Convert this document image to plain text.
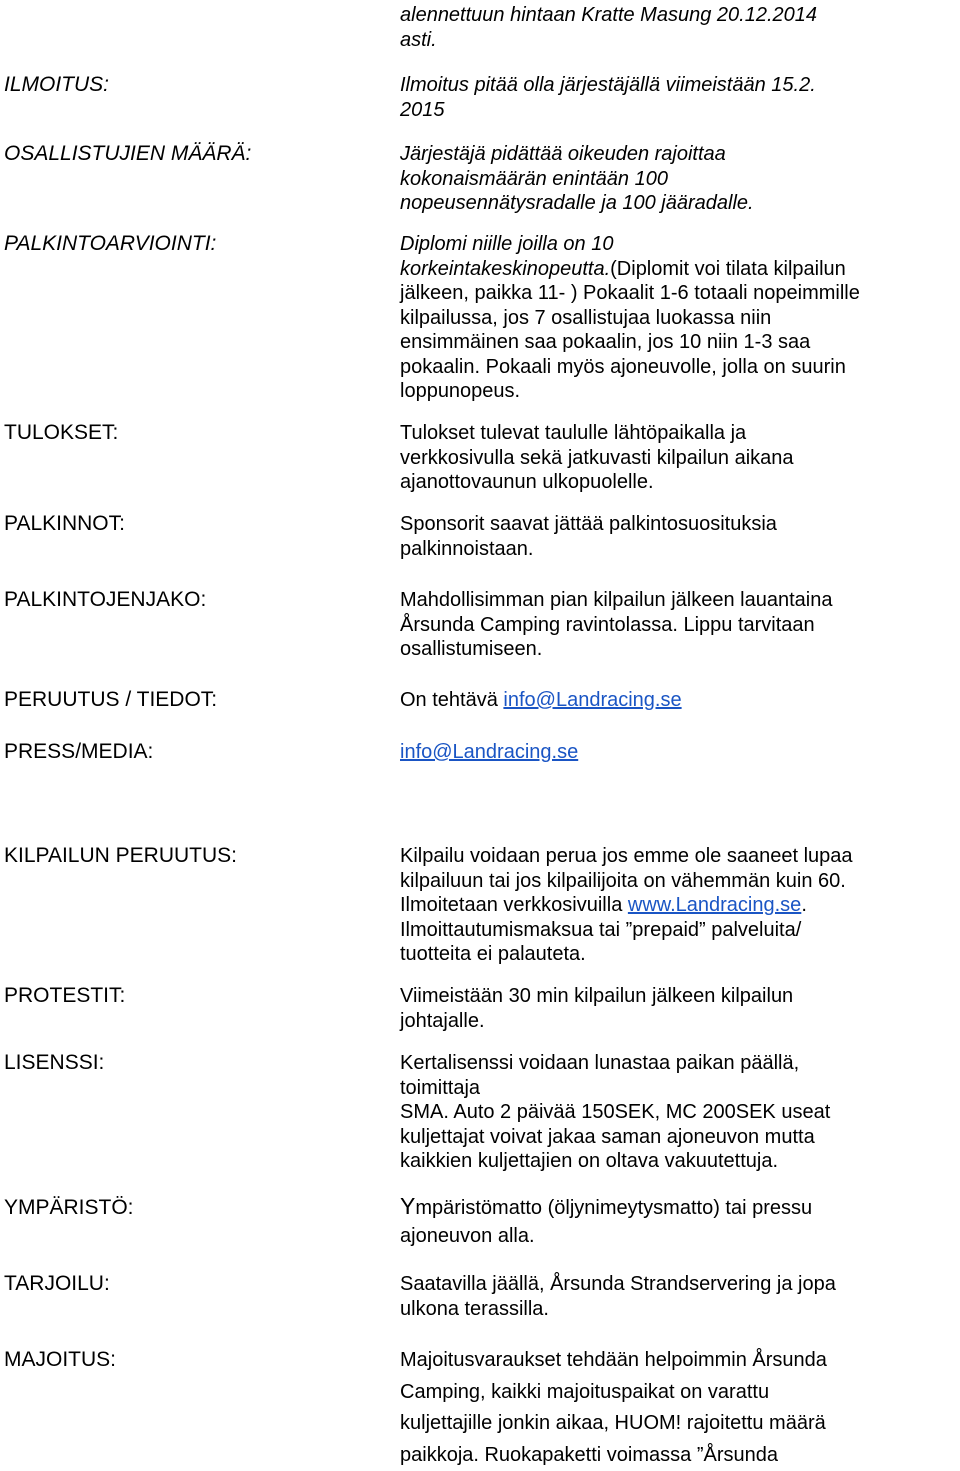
alennettuun hintaan Kratte Masung 20.12.2014
asti.
ILMOITUS:	Ilmoitus pitää olla järjestäjällä viimeistään 15.2.
2015
OSALLISTUJIEN MÄÄRÄ:	Järjestäjä pidättää oikeuden rajoittaa
kokonaismäärän enintään 100
nopeusennätysradalle ja 100 jääradalle.
PALKINTOARVIOINTI:	Diplomi niille joilla on 10
korkeintakeskinopeutta.(Diplomit voi tilata kilpailun
jälkeen, paikka 11- ) Pokaalit 1-6 totaali nopeimmille
kilpailussa, jos 7 osallistujaa luokassa niin
ensimmäinen saa pokaalin, jos 10 niin 1-3 saa
pokaalin. Pokaali myös ajoneuvolle, jolla on suurin
loppunopeus.
TULOKSET:	Tulokset tulevat taululle lähtöpaikalla ja
verkkosivulla sekä jatkuvasti kilpailun aikana
ajanottovaunun ulkopuolelle.
PALKINNOT:	Sponsorit saavat jättää palkintosuosituksia
palkinnoistaan.
PALKINTOJENJAKO:	Mahdollisimman pian kilpailun jälkeen lauantaina
Årsunda Camping ravintolassa. Lippu tarvitaan
osallistumiseen.
PERUUTUS / TIEDOT:	On tehtävä info@Landracing.se
PRESS/MEDIA:	info@Landracing.se
KILPAILUN PERUUTUS:	Kilpailu voidaan perua jos emme ole saaneet lupaa
kilpailuun tai jos kilpailijoita on vähemmän kuin 60.
Ilmoitetaan verkkosivuilla www.Landracing.se.
Ilmoittautumismaksua tai ”prepaid” palveluita/
tuotteita ei palauteta.
PROTESTIT:	Viimeistään 30 min kilpailun jälkeen kilpailun
johtajalle.
LISENSSI:	Kertalisenssi voidaan lunastaa paikan päällä,
toimittaja
SMA. Auto 2 päivää 150SEK, MC 200SEK useat
kuljettajat voivat jakaa saman ajoneuvon mutta
kaikkien kuljettajien on oltava vakuutettuja.
YMPÄRISTÖ:	Ympäristömatto (öljynimeytysmatto) tai pressu
ajoneuvon alla.
TARJOILU:	Saatavilla jäällä, Årsunda Strandservering ja jopa
ulkona terassilla.
MAJOITUS:	Majoitusvaraukset tehdään helpoimmin Årsunda
Camping, kaikki majoituspaikat on varattu
kuljettajille jonkin aikaa, HUOM! rajoitettu määrä
paikkoja. Ruokapaketti voimassa ”Årsunda
